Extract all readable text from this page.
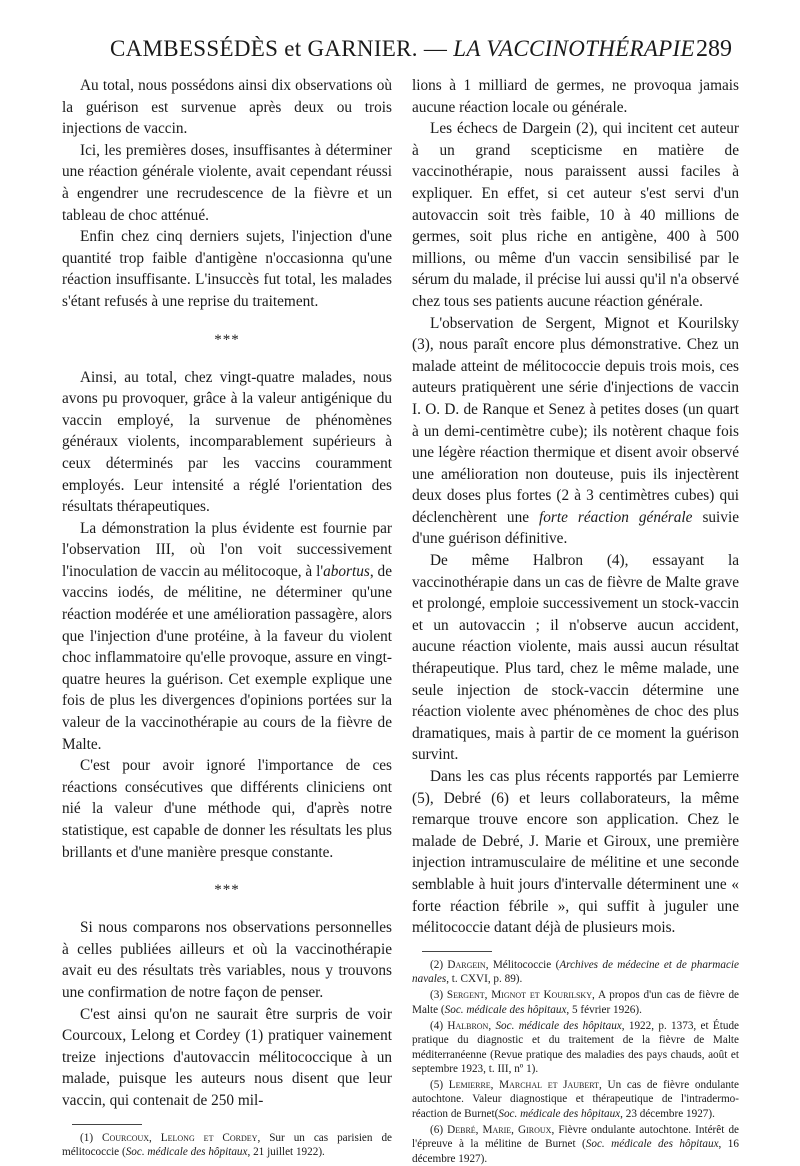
CAMBESSÉDÈS et GARNIER. — LA VACCINOTHÉRAPIE 289

Au total, nous possédons ainsi dix observations où la guérison est survenue après deux ou trois injections de vaccin.

Ici, les premières doses, insuffisantes à déterminer une réaction générale violente, avait cependant réussi à engendrer une recrudescence de la fièvre et un tableau de choc atténué.

Enfin chez cinq derniers sujets, l'injection d'une quantité trop faible d'antigène n'occasionna qu'une réaction insuffisante. L'insuccès fut total, les malades s'étant refusés à une reprise du traitement.

***

Ainsi, au total, chez vingt-quatre malades, nous avons pu provoquer, grâce à la valeur antigénique du vaccin employé, la survenue de phénomènes généraux violents, incomparablement supérieurs à ceux déterminés par les vaccins couramment employés. Leur intensité a réglé l'orientation des résultats thérapeutiques.

La démonstration la plus évidente est fournie par l'observation III, où l'on voit successivement l'inoculation de vaccin au mélitocoque, à l'abortus, de vaccins iodés, de mélitine, ne déterminer qu'une réaction modérée et une amélioration passagère, alors que l'injection d'une protéine, à la faveur du violent choc inflammatoire qu'elle provoque, assure en vingt-quatre heures la guérison. Cet exemple explique une fois de plus les divergences d'opinions portées sur la valeur de la vaccinothérapie au cours de la fièvre de Malte.

C'est pour avoir ignoré l'importance de ces réactions consécutives que différents cliniciens ont nié la valeur d'une méthode qui, d'après notre statistique, est capable de donner les résultats les plus brillants et d'une manière presque constante.

***

Si nous comparons nos observations personnelles à celles publiées ailleurs et où la vaccinothérapie avait eu des résultats très variables, nous y trouvons une confirmation de notre façon de penser.

C'est ainsi qu'on ne saurait être surpris de voir Courcoux, Lelong et Cordey (1) pratiquer vainement treize injections d'autovaccin mélitococcique à un malade, puisque les auteurs nous disent que leur vaccin, qui contenait de 250 mil-

(1) Courcoux, Lelong et Cordey, Sur un cas parisien de mélitococcie (Soc. médicale des hôpitaux, 21 juillet 1922).

lions à 1 milliard de germes, ne provoqua jamais aucune réaction locale ou générale.

Les échecs de Dargein (2), qui incitent cet auteur à un grand scepticisme en matière de vaccinothérapie, nous paraissent aussi faciles à expliquer. En effet, si cet auteur s'est servi d'un autovaccin soit très faible, 10 à 40 millions de germes, soit plus riche en antigène, 400 à 500 millions, ou même d'un vaccin sensibilisé par le sérum du malade, il précise lui aussi qu'il n'a observé chez tous ses patients aucune réaction générale.

L'observation de Sergent, Mignot et Kourilsky (3), nous paraît encore plus démonstrative. Chez un malade atteint de mélitococcie depuis trois mois, ces auteurs pratiquèrent une série d'injections de vaccin I. O. D. de Ranque et Senez à petites doses (un quart à un demi-centimètre cube); ils notèrent chaque fois une légère réaction thermique et disent avoir observé une amélioration non douteuse, puis ils injectèrent deux doses plus fortes (2 à 3 centimètres cubes) qui déclenchèrent une forte réaction générale suivie d'une guérison définitive.

De même Halbron (4), essayant la vaccinothérapie dans un cas de fièvre de Malte grave et prolongé, emploie successivement un stock-vaccin et un autovaccin ; il n'observe aucun accident, aucune réaction violente, mais aussi aucun résultat thérapeutique. Plus tard, chez le même malade, une seule injection de stock-vaccin détermine une réaction violente avec phénomènes de choc des plus dramatiques, mais à partir de ce moment la guérison survint.

Dans les cas plus récents rapportés par Lemierre (5), Debré (6) et leurs collaborateurs, la même remarque trouve encore son application. Chez le malade de Debré, J. Marie et Giroux, une première injection intramusculaire de mélitine et une seconde semblable à huit jours d'intervalle déterminent une « forte réaction fébrile », qui suffit à juguler une mélitococcie datant déjà de plusieurs mois.

(2) Dargein, Mélitococcie (Archives de médecine et de pharmacie navales, t. CXVI, p. 89).

(3) Sergent, Mignot et Kourilsky, A propos d'un cas de fièvre de Malte (Soc. médicale des hôpitaux, 5 février 1926).

(4) Halbron, Soc. médicale des hôpitaux, 1922, p. 1373, et Étude pratique du diagnostic et du traitement de la fièvre de Malte méditerranéenne (Revue pratique des maladies des pays chauds, août et septembre 1923, t. III, nº 1).

(5) Lemierre, Marchal et Jaubert, Un cas de fièvre ondulante autochtone. Valeur diagnostique et thérapeutique de l'intradermo-réaction de Burnet(Soc. médicale des hôpitaux, 23 décembre 1927).

(6) Debré, Marie, Giroux, Fièvre ondulante autochtone. Intérêt de l'épreuve à la mélitine de Burnet (Soc. médicale des hôpitaux, 16 décembre 1927).
